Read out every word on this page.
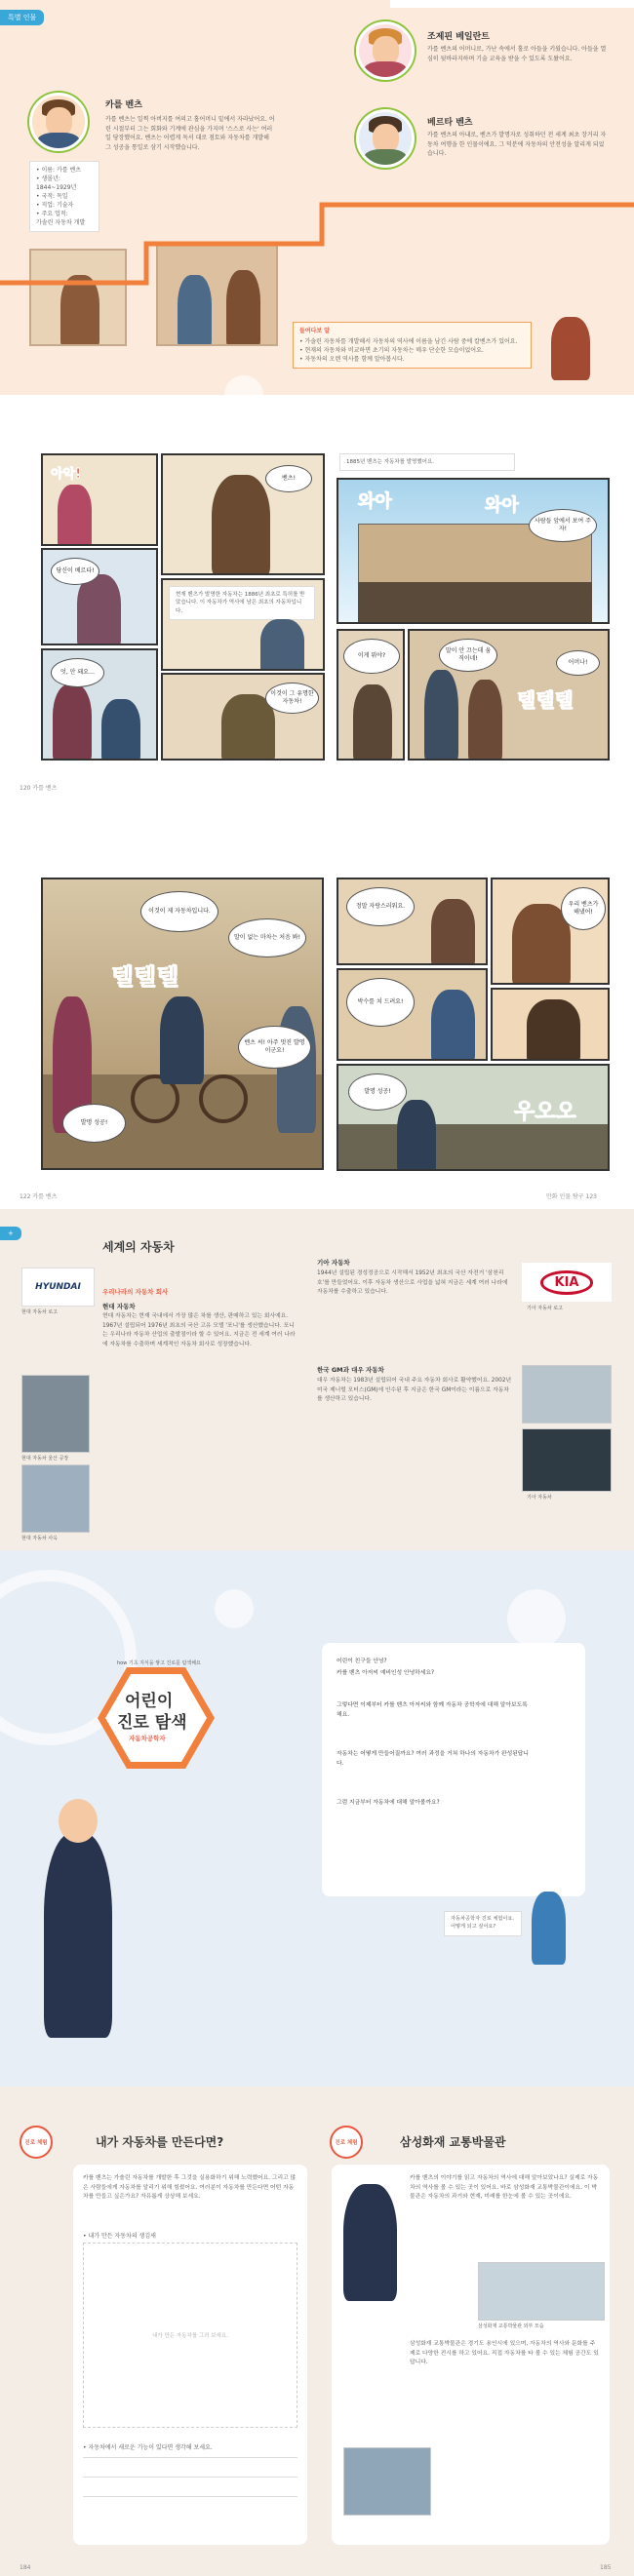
특별 인물
카를 벤츠
카를 벤츠는 일찍 아버지를 여의고 홀어머니 밑에서 자라났어요. 어린 시절부터 그는 회화와 기계에 관심을 가지며 '스스로 사는' 여러 일 당장했어요. 벤츠는 어렵게 독서 대로 점토와 자동차를 개발해 그 성공을 통일로 삼기 시작했습니다.
• 이름: 카를 벤츠
• 생몰년: 1844~1929년
• 국적: 독일
• 직업: 기술자
• 주요 업적:
가솔린 자동차 개발
조제핀 베일란트
카를 벤츠의 어머니로, 가난 속에서 홀로 아들을 키웠습니다. 아들을 열심히 뒷바라지하며 기술 교육을 받을 수 있도록 도왔어요.
베르타 벤츠
카를 벤츠의 아내로, 벤츠가 발명자로 성취하던 전 세계 최초 장거리 자동차 여행을 한 인물이에요. 그 덕분에 자동차의 안전성을 알리게 되었습니다.
들여다보 알
• 가솔린 자동차를 개발해서 자동차의 역사에 이름을 남긴 사람 중에 칼벤츠가 있어요.
• 현재의 자동차와 비교하면 초기의 자동차는 매우 단순한 모습이었어요.
• 자동차의 오랜 역사를 함께 알아봅시다.
아악!	벤츠!
당신이 베르타!
현재 벤츠가 발명한 자동차는 1886년 최초로 특허를 받았습니다. 이 자동차가 역사에 남은 최초의 자동차입니다.
엇, 안 돼요…
이것이 그 유명한 자동차!
120 카를 벤츠
1885년 벤츠는 자동차를 발명했어요.
와아	와아
사람들 앞에서 보여 주자!
이게 뭐야?
말이 안 끄는데 움직이네!
텔텔텔
어머나!
이것이 제 자동차입니다.
말이 없는 마차는 처음 봐!
텔텔텔
벤츠 씨! 아주 멋진 발명이군요!
발명 성공!
122 카를 벤츠
정말 자랑스러워요.	우리 벤츠가 해냈어!
박수를 쳐 드려요!
발명 성공!
우오오
만화 인물 탐구 123
+
세계의 자동차
HYUNDAI
현대 자동차 로고
현대 자동차 울산 공장
현대 자동차 사옥
우리나라의 자동차 회사
현대 자동차
현대 자동차는 현재 국내에서 가장 많은 차를 생산, 판매하고 있는 회사예요. 1967년 설립되어 1976년 최초의 국산 고유 모델 '포니'를 생산했습니다. 포니는 우리나라 자동차 산업의 출발점이라 할 수 있어요. 지금은 전 세계 여러 나라에 자동차를 수출하며 세계적인 자동차 회사로 성장했습니다.
기아 자동차
1944년 설립된 경성정공으로 시작해서 1952년 최초의 국산 자전거 '삼천리호'를 만들었어요. 이후 자동차 생산으로 사업을 넓혀 지금은 세계 여러 나라에 자동차를 수출하고 있습니다.
한국 GM과 대우 자동차
대우 자동차는 1983년 설립되어 국내 주요 자동차 회사로 활약했어요. 2002년 미국 제너럴 모터스(GM)에 인수된 후 지금은 한국 GM이라는 이름으로 자동차를 생산하고 있습니다.
KIA
기아 자동차 로고
기아 자동차
how 기초 지식을 쌓고 진로를 탐색해요
어린이
진로 탐색
자동차공학자
어린이 친구들 안녕?
카를 벤츠 아저씨 예비인성 안녕하세요?
그렇다면 이제부터 카를 벤츠 아저씨와 함께 자동차 공학자에 대해 알아보도록 해요.
자동차는 어떻게 만들어질까요? 여러 과정을 거쳐 하나의 자동차가 완성된답니다.
그럼 지금부터 자동차에 대해 알아볼까요?
자동차공학자 진로 체험이요. 어떻게 되고 싶어요?
진로 체험	내가 자동차를 만든다면?
카를 벤츠는 가솔린 자동차를 개발한 후 그것을 실용화하기 위해 노력했어요. 그리고 많은 사람들에게 자동차를 알리기 위해 힘썼어요. 여러분이 자동차를 만든다면 어떤 자동차를 만들고 싶은가요? 자유롭게 상상해 보세요.
• 내가 만든 자동차의 생김새
내가 만든 자동차를 그려 보세요.
• 자동차에서 새로운 기능이 있다면 생각해 보세요.
184
진로 체험	삼성화재 교통박물관
카를 벤츠의 이야기를 읽고 자동차의 역사에 대해 알아보았나요? 실제로 자동차의 역사를 볼 수 있는 곳이 있어요. 바로 삼성화재 교통박물관이에요. 이 박물관은 자동차의 과거와 현재, 미래를 한눈에 볼 수 있는 곳이에요.
삼성화재 교통박물관 외부 모습
삼성화재 교통박물관은 경기도 용인시에 있으며, 자동차의 역사와 문화를 주제로 다양한 전시를 하고 있어요. 직접 자동차를 타 볼 수 있는 체험 공간도 있답니다.
185
